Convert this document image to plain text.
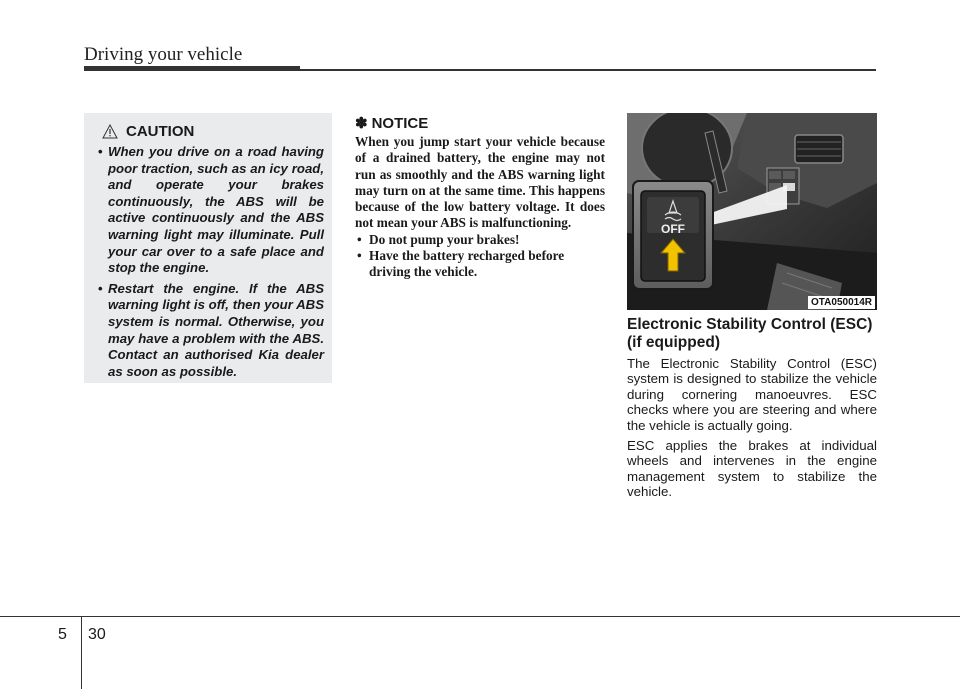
Driving your vehicle
CAUTION
• When you drive on a road having poor traction, such as an icy road, and operate your brakes continuously, the ABS will be active continuously and the ABS warning light may illuminate. Pull your car over to a safe place and stop the engine.
• Restart the engine. If the ABS warning light is off, then your ABS system is normal. Otherwise, you may have a problem with the ABS. Contact an authorised Kia dealer as soon as possible.
✽ NOTICE

When you jump start your vehicle because of a drained battery, the engine may not run as smoothly and the ABS warning light may turn on at the same time. This happens because of the low battery voltage. It does not mean your ABS is malfunctioning.

• Do not pump your brakes!
• Have the battery recharged before driving the vehicle.
OFF
OTA050014R
Electronic Stability Control (ESC) (if equipped)

The Electronic Stability Control (ESC) system is designed to stabilize the vehicle during cornering manoeuvres. ESC checks where you are steering and where the vehicle is actually going.

ESC applies the brakes at individual wheels and intervenes in the engine management system to stabilize the vehicle.

5 30
